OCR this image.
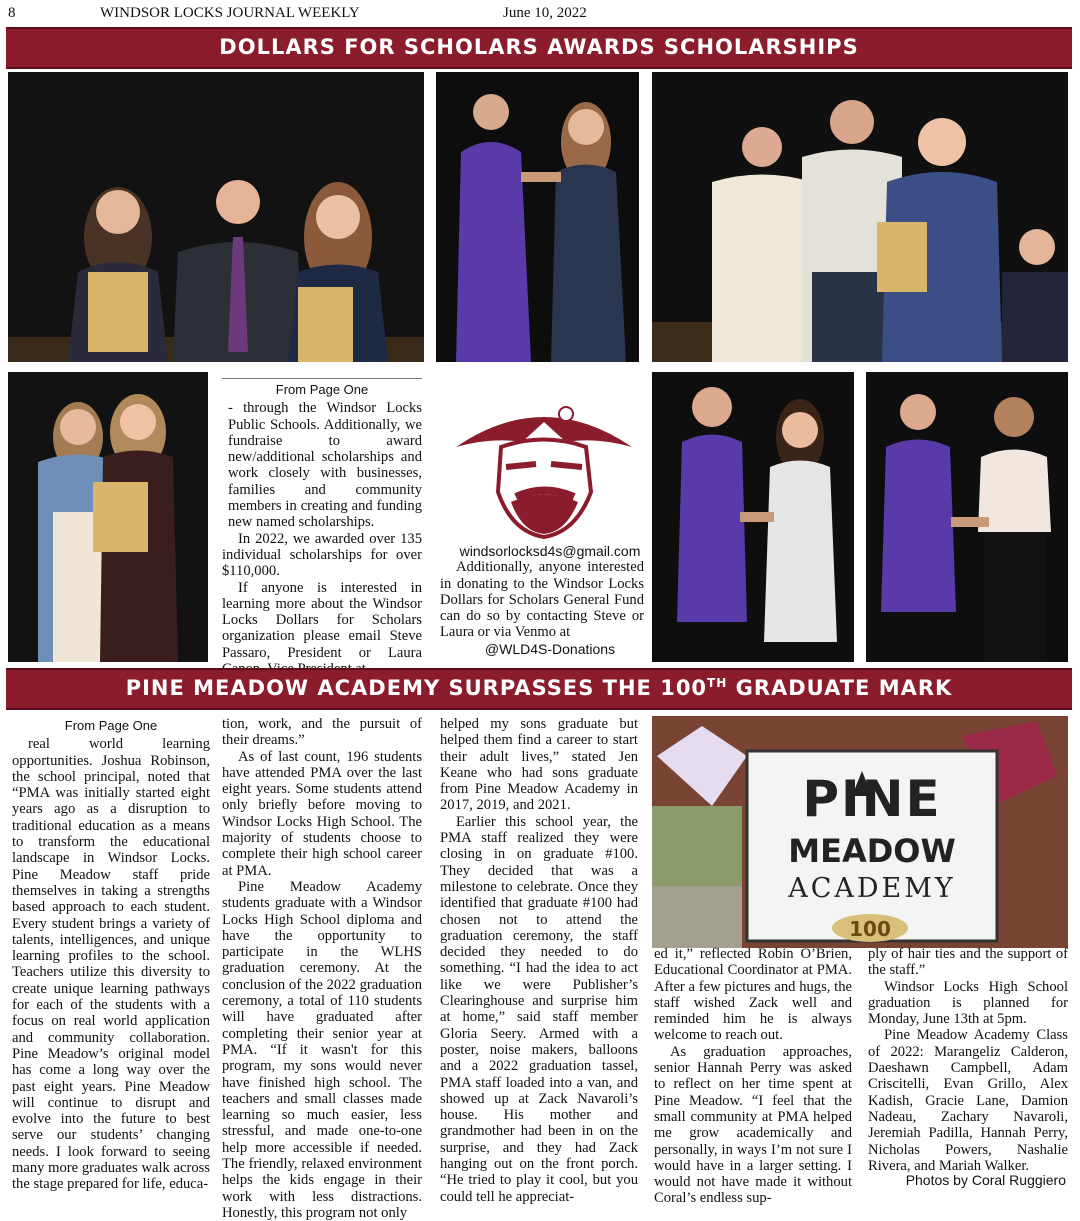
8	WINDSOR LOCKS JOURNAL WEEKLY	June 10, 2022
DOLLARS FOR SCHOLARS AWARDS SCHOLARSHIPS
From Page One

- through the Windsor Locks Public Schools. Additionally, we fundraise to award new/additional scholarships and work closely with businesses, families and community members in creating and funding new named scholarships.

In 2022, we awarded over 135 individual scholarships for over $110,000.

If anyone is interested in learning more about the Windsor Locks Dollars for Scholars organization please email Steve Passaro, President or Laura

windsorlocksd4s@gmail.com

Additionally, anyone interested in donating to the Windsor Locks Dollars for Scholars General Fund can do so by contacting Steve or Laura or via Venmo at

@WLD4S-Donations

PINE MEADOW ACADEMY SURPASSES THE 100TH GRADUATE MARK
From Page One

real world learning opportunities. Joshua Robinson, the school principal, noted that “PMA was initially started eight years ago as a disruption to traditional education as a means to transform the educational landscape in Windsor Locks. Pine Meadow staff pride themselves in taking a strengths based approach to each student. Every student brings a variety of talents, intelligences, and unique learning profiles to the school. Teachers utilize this diversity to create unique learning pathways for each of the students with a focus on real world application and community collaboration. Pine Meadow’s original model has come a long way over the past eight years. Pine Meadow will continue to disrupt and evolve into the future to best serve our students’ changing needs. I look forward to seeing many more graduates walk across the stage prepared for life, educa-

tion, work, and the pursuit of their dreams.”

As of last count, 196 students have attended PMA over the last eight years. Some students attend only briefly before moving to Windsor Locks High School. The majority of students choose to complete their high school career at PMA.

Pine Meadow Academy students graduate with a Windsor Locks High School diploma and have the opportunity to participate in the WLHS graduation ceremony. At the conclusion of the 2022 graduation ceremony, a total of 110 students will have graduated after completing their senior year at PMA. “If it wasn't for this program, my sons would never have finished high school. The teachers and small classes made learning so much easier, less stressful, and made one-to-one help more accessible if needed. The friendly, relaxed environment helps the kids engage in their work with less distractions. Honestly, this program not only

helped my sons graduate but helped them find a career to start their adult lives,” stated Jen Keane who had sons graduate from Pine Meadow Academy in 2017, 2019, and 2021.

Earlier this school year, the PMA staff realized they were closing in on graduate #100. They decided that was a milestone to celebrate. Once they identified that graduate #100 had chosen not to attend the graduation ceremony, the staff decided they needed to do something. “I had the idea to act like we were Publisher’s Clearinghouse and surprise him at home,” said staff member Gloria Seery. Armed with a poster, noise makers, balloons and a 2022 graduation tassel, PMA staff loaded into a van, and showed up at Zack Navaroli’s house. His mother and grandmother had been in on the surprise, and they had Zack hanging out on the front porch. “He tried to play it cool, but you could tell he appreciat-

PINE
MEADOW
ACADEMY
100

ed it,” reflected Robin O’Brien, Educational Coordinator at PMA. After a few pictures and hugs, the staff wished Zack well and reminded him he is always welcome to reach out.

As graduation approaches, senior Hannah Perry was asked to reflect on her time spent at Pine Meadow. “I feel that the small community at PMA helped me grow academically and personally, in ways I’m not sure I would have in a larger setting. I would not have made it without Coral’s endless sup-

ply of hair ties and the support of the staff.”

Windsor Locks High School graduation is planned for Monday, June 13th at 5pm.

Pine Meadow Academy Class of 2022: Marangeliz Calderon, Daeshawn Campbell, Adam Criscitelli, Evan Grillo, Alex Kadish, Gracie Lane, Damion Nadeau, Zachary Navaroli, Jeremiah Padilla, Hannah Perry, Nicholas Powers, Nashalie Rivera, and Mariah Walker.

Photos by Coral Ruggiero
